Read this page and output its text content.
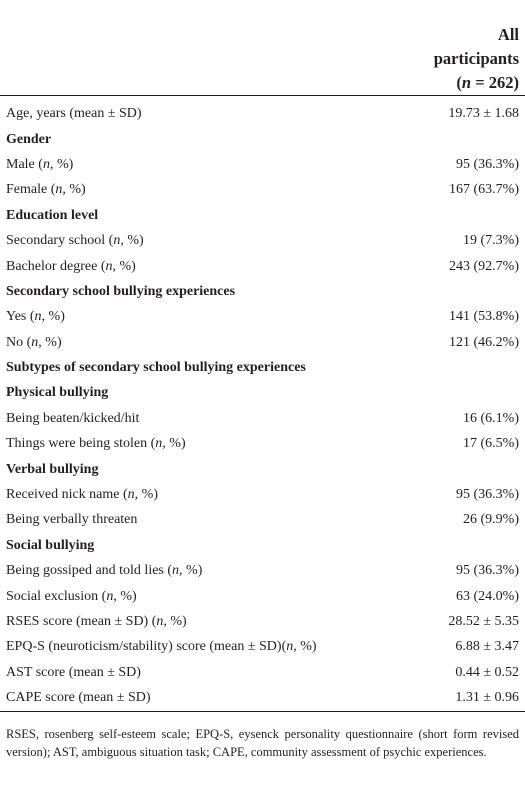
	All
participants
(n = 262)

Age, years (mean ± SD)	19.73 ± 1.68
Gender	
Male (n, %)	95 (36.3%)
Female (n, %)	167 (63.7%)
Education level	
Secondary school (n, %)	19 (7.3%)
Bachelor degree (n, %)	243 (92.7%)
Secondary school bullying experiences	
Yes (n, %)	141 (53.8%)
No (n, %)	121 (46.2%)
Subtypes of secondary school bullying experiences	
Physical bullying	
Being beaten/kicked/hit	16 (6.1%)
Things were being stolen (n, %)	17 (6.5%)
Verbal bullying	
Received nick name (n, %)	95 (36.3%)
Being verbally threaten	26 (9.9%)
Social bullying	
Being gossiped and told lies (n, %)	95 (36.3%)
Social exclusion (n, %)	63 (24.0%)
RSES score (mean ± SD) (n, %)	28.52 ± 5.35
EPQ-S (neuroticism/stability) score (mean ± SD)(n, %)	6.88 ± 3.47
AST score (mean ± SD)	0.44 ± 0.52
CAPE score (mean ± SD)	1.31 ± 0.96
RSES, rosenberg self-esteem scale; EPQ-S, eysenck personality questionnaire (short form revised version); AST, ambiguous situation task; CAPE, community assessment of psychic experiences.
